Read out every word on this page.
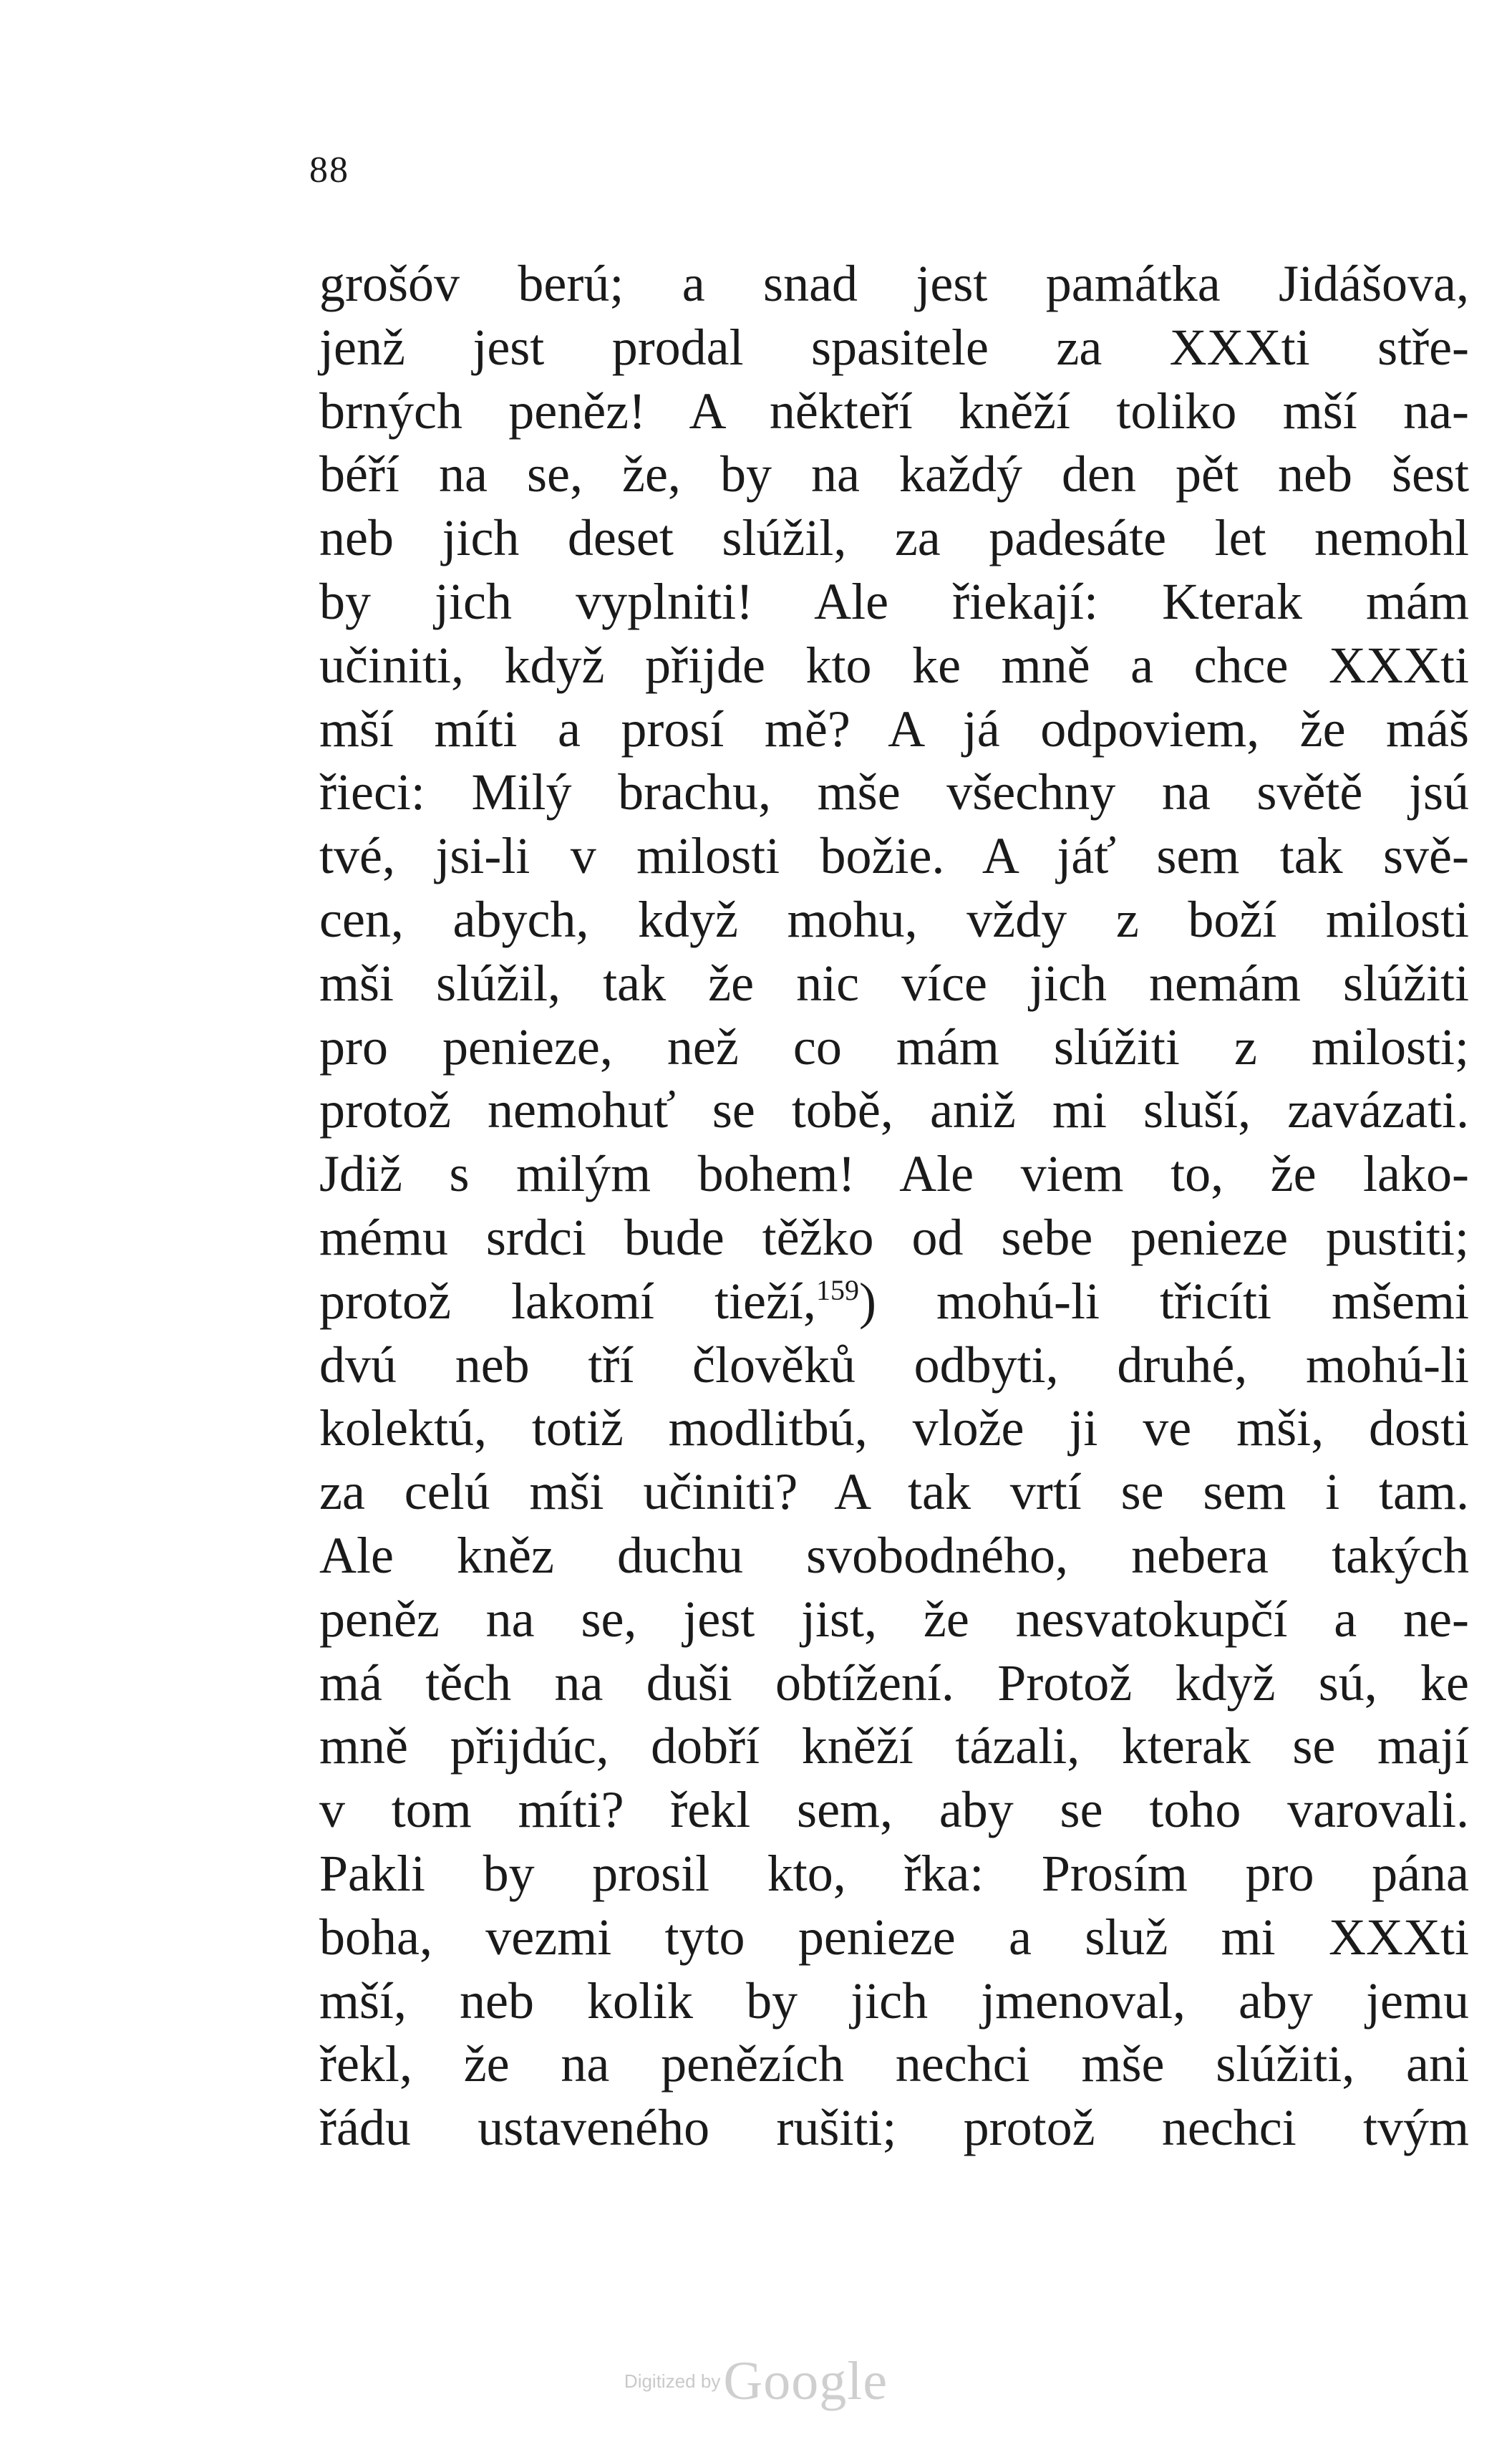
88
grošóv berú; a snad jest památka Jidášova,
jenž jest prodal spasitele za XXXti stře-
brných peněz! A někteří kněží toliko mší na-
béří na se, že, by na každý den pět neb šest
neb jich deset slúžil, za padesáte let nemohl
by jich vyplniti! Ale řiekají: Kterak mám
učiniti, když přijde kto ke mně a chce XXXti
mší míti a prosí mě? A já odpoviem, že máš
řieci: Milý brachu, mše všechny na světě jsú
tvé, jsi-li v milosti božie. A jáť sem tak svě-
cen, abych, když mohu, vždy z boží milosti
mši slúžil, tak že nic více jich nemám slúžiti
pro penieze, než co mám slúžiti z milosti;
protož nemohuť se tobě, aniž mi sluší, zavázati.
Jdiž s milým bohem! Ale viem to, že lako-
mému srdci bude těžko od sebe penieze pustiti;
protož lakomí tieží,$^{159}$) mohú-li třicíti mšemi
dvú neb tří člověků odbyti, druhé, mohú-li
kolektú, totiž modlitbú, vlože ji ve mši, dosti
za celú mši učiniti? A tak vrtí se sem i tam.
Ale kněz duchu svobodného, nebera takých
peněz na se, jest jist, že nesvatokupčí a ne-
má těch na duši obtížení. Protož když sú, ke
mně přijdúc, dobří kněží tázali, kterak se mají
v tom míti? řekl sem, aby se toho varovali.
Pakli by prosil kto, řka: Prosím pro pána
boha, vezmi tyto penieze a služ mi XXXti
mší, neb kolik by jich jmenoval, aby jemu
řekl, že na penězích nechci mše slúžiti, ani
řádu ustaveného rušiti; protož nechci tvým
Digitized by Google
